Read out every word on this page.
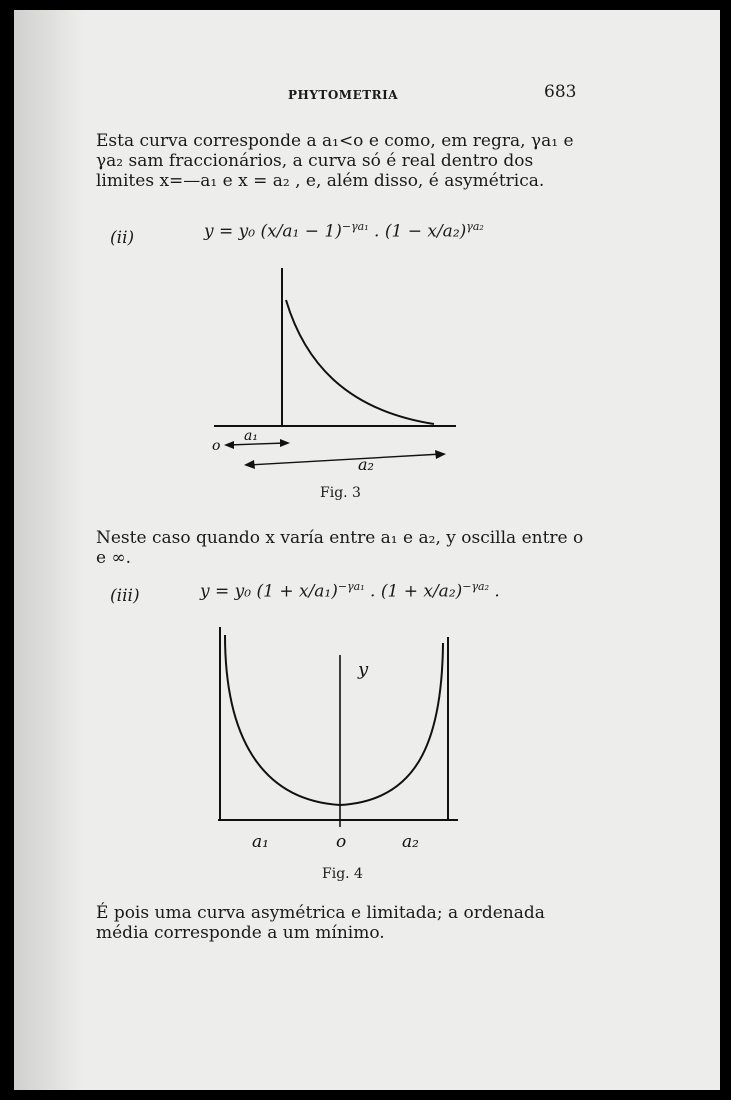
PHYTOMETRIA	683
Esta curva corresponde a a₁<o e como, em regra, γa₁ e γa₂ sam fraccionários, a curva só é real dentro dos limites x=—a₁ e x = a₂ , e, além disso, é asymétrica.
(ii)	y = y₀ $(x/a_1 - 1)^{-\gamma a_1}$ . $(1 - x/a_2)^{\gamma a_2}$
o
a₁
a₂
Fig. 3
Neste caso quando x varía entre a₁ e a₂, y oscilla entre o e ∞.
(iii)	y = y₀ $(1 + x/a_1)^{-\gamma a_1}$ . $(1 + x/a_2)^{-\gamma a_2}$ .
y
a₁	o	a₂
Fig. 4
É pois uma curva asymétrica e limitada; a ordenada média corresponde a um mínimo.
